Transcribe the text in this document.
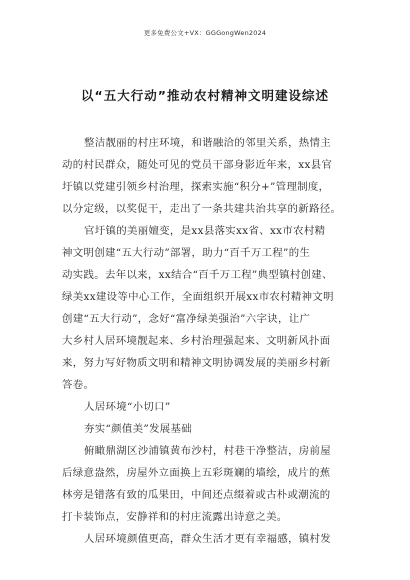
更多免费公文+VX：GGGongWen2024
以“五大行动”推动农村精神文明建设综述
整洁靓丽的村庄环境，和谐融洽的邻里关系，热情主
动的村民群众，随处可见的党员干部身影近年来，xx县官
圩镇以党建引领乡村治理，探索实施“积分+”管理制度，
以分定级，以奖促干，走出了一条共建共治共享的新路径。
官圩镇的美丽嬗变，是xx县落实xx省、xx市农村精
神文明创建“五大行动”部署，助力“百千万工程”的生
动实践。去年以来，xx结合“百千万工程”典型镇村创建、
绿美xx建设等中心工作，全面组织开展xx市农村精神文明
创建“五大行动”，念好“富净绿美强治”六字诀，让广
大乡村人居环境靓起来、乡村治理强起来、文明新风扑面
来，努力写好物质文明和精神文明协调发展的美丽乡村新
答卷。
人居环境“小切口”
夯实“颜值美”发展基础
俯瞰鼎湖区沙浦镇黄布沙村，村巷干净整洁，房前屋
后绿意盎然，房屋外立面换上五彩斑斓的墙绘，成片的蕉
林旁是错落有致的瓜果田，中间还点缀着或古朴或潮流的
打卡装饰点，安静祥和的村庄流露出诗意之美。
人居环境颜值更高，群众生活才更有幸福感，镇村发
